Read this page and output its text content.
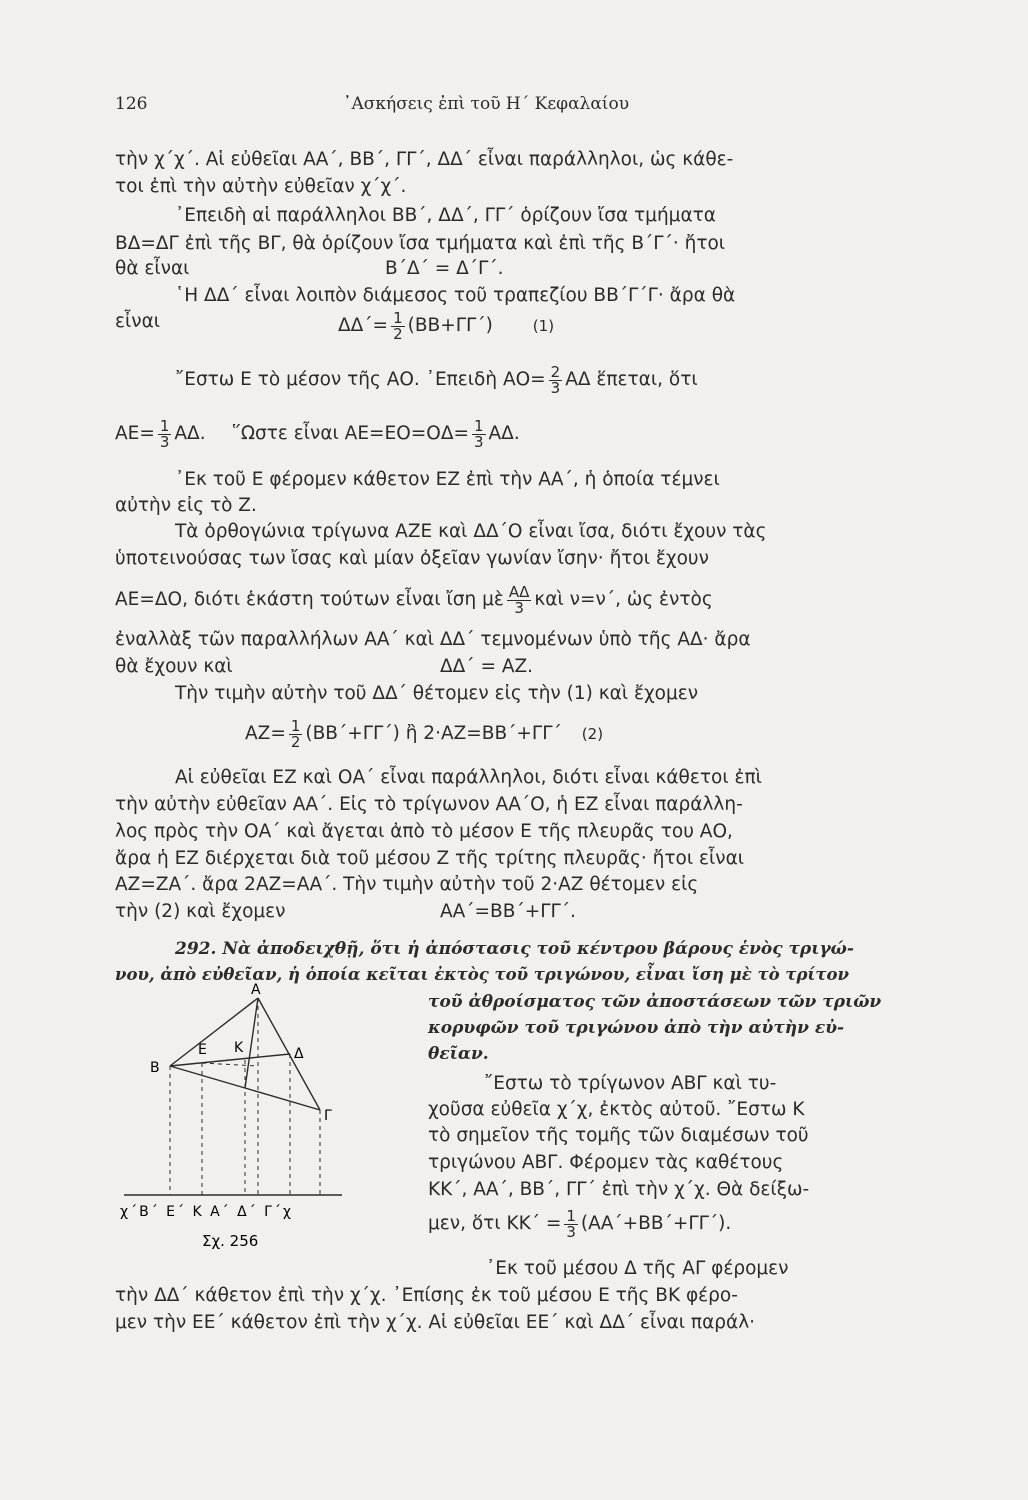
126	᾿Ασκήσεις ἐπὶ τοῦ Η΄ Κεφαλαίου
τὴν χ΄χ΄. Αἱ εὐθεῖαι ΑΑ΄, ΒΒ΄, ΓΓ΄, ΔΔ΄ εἶναι παράλληλοι, ὡς κάθε-
τοι ἐπὶ τὴν αὐτὴν εὐθεῖαν χ΄χ΄.
᾿Επειδὴ αἱ παράλληλοι ΒΒ΄, ΔΔ΄, ΓΓ΄ ὁρίζουν ἴσα τμήματα
ΒΔ=ΔΓ ἐπὶ τῆς ΒΓ, θὰ ὁρίζουν ἴσα τμήματα καὶ ἐπὶ τῆς Β΄Γ΄· ἤτοι
θὰ εἶναι	Β΄Δ΄ = Δ΄Γ΄.
῾Η ΔΔ΄ εἶναι λοιπὸν διάμεσος τοῦ τραπεζίου ΒΒ΄Γ΄Γ· ἄρα θὰ
εἶναι	$\Delta\Delta΄= \frac{1}{2} (BB+\Gamma\Gamma΄)$	(1)
῎Εστω Ε τὸ μέσον τῆς ΑΟ. ᾿Επειδὴ $AO= \frac{2}{3}$ ΑΔ ἕπεται, ὅτι
$AE= \frac{1}{3} A\Delta$. ῞Ωστε εἶναι $AE=EO=O\Delta= \frac{1}{3} A\Delta$.
᾿Εκ τοῦ Ε φέρομεν κάθετον ΕΖ ἐπὶ τὴν ΑΑ΄, ἡ ὁποία τέμνει
αὐτὴν εἰς τὸ Ζ.
Τὰ ὀρθογώνια τρίγωνα ΑΖΕ καὶ ΔΔ΄Ο εἶναι ἴσα, διότι ἔχουν τὰς
ὑποτεινούσας των ἴσας καὶ μίαν ὀξεῖαν γωνίαν ἴσην· ἤτοι ἔχουν
ΑΕ=ΔΟ, διότι ἑκάστη τούτων εἶναι ἴση μὲ $\frac{A\Delta}{3}$ καὶ ν=ν΄, ὡς ἐντὸς
ἐναλλὰξ τῶν παραλλήλων ΑΑ΄ καὶ ΔΔ΄ τεμνομένων ὑπὸ τῆς ΑΔ· ἄρα
θὰ ἔχουν καὶ	ΔΔ΄ = ΑΖ.
Τὴν τιμὴν αὐτὴν τοῦ ΔΔ΄ θέτομεν εἰς τὴν (1) καὶ ἔχομεν
$AZ= \frac{1}{2} (BB΄+\Gamma\Gamma΄)$ ἢ 2·ΑΖ=ΒΒ΄+ΓΓ΄ (2)
Αἱ εὐθεῖαι ΕΖ καὶ ΟΑ΄ εἶναι παράλληλοι, διότι εἶναι κάθετοι ἐπὶ
τὴν αὐτὴν εὐθεῖαν ΑΑ΄. Εἰς τὸ τρίγωνον ΑΑ΄Ο, ἡ ΕΖ εἶναι παράλλη-
λος πρὸς τὴν ΟΑ΄ καὶ ἄγεται ἀπὸ τὸ μέσον Ε τῆς πλευρᾶς του ΑΟ,
ἄρα ἡ ΕΖ διέρχεται διὰ τοῦ μέσου Ζ τῆς τρίτης πλευρᾶς· ἤτοι εἶναι
ΑΖ=ΖΑ΄. ἄρα 2ΑΖ=ΑΑ΄. Τὴν τιμὴν αὐτὴν τοῦ 2·ΑΖ θέτομεν εἰς
τὴν (2) καὶ ἔχομεν	ΑΑ΄=ΒΒ΄+ΓΓ΄.
292. Νὰ ἀποδειχθῇ, ὅτι ἡ ἀπόστασις τοῦ κέντρου βάρους ἑνὸς τριγώ-
νου, ἀπὸ εὐθεῖαν, ἡ ὁποία κεῖται ἐκτὸς τοῦ τριγώνου, εἶναι ἴση μὲ τὸ τρίτον
τοῦ ἀθροίσματος τῶν ἀποστάσεων τῶν τριῶν
κορυφῶν τοῦ τριγώνου ἀπὸ τὴν αὐτὴν εὐ-
θεῖαν.
῎Εστω τὸ τρίγωνον ΑΒΓ καὶ τυ-
χοῦσα εὐθεῖα χ΄χ, ἐκτὸς αὐτοῦ. ῎Εστω Κ
τὸ σημεῖον τῆς τομῆς τῶν διαμέσων τοῦ
τριγώνου ΑΒΓ. Φέρομεν τὰς καθέτους
ΚΚ΄, ΑΑ΄, ΒΒ΄, ΓΓ΄ ἐπὶ τὴν χ΄χ. Θὰ δείξω-
μεν, ὅτι $KK΄ = \frac{1}{3} (AA΄+BB΄+\Gamma\Gamma΄)$.
᾿Εκ τοῦ μέσου Δ τῆς ΑΓ φέρομεν
τὴν ΔΔ΄ κάθετον ἐπὶ τὴν χ΄χ. ᾿Επίσης ἐκ τοῦ μέσου Ε τῆς ΒΚ φέρο-
μεν τὴν ΕΕ΄ κάθετον ἐπὶ τὴν χ΄χ. Αἱ εὐθεῖαι ΕΕ΄ καὶ ΔΔ΄ εἶναι παράλ·
Α
Β
Γ
Δ
Ε Κ
χ΄Β΄ Ε΄ Κ Α΄ Δ΄ Γ΄χ
Σχ. 256
